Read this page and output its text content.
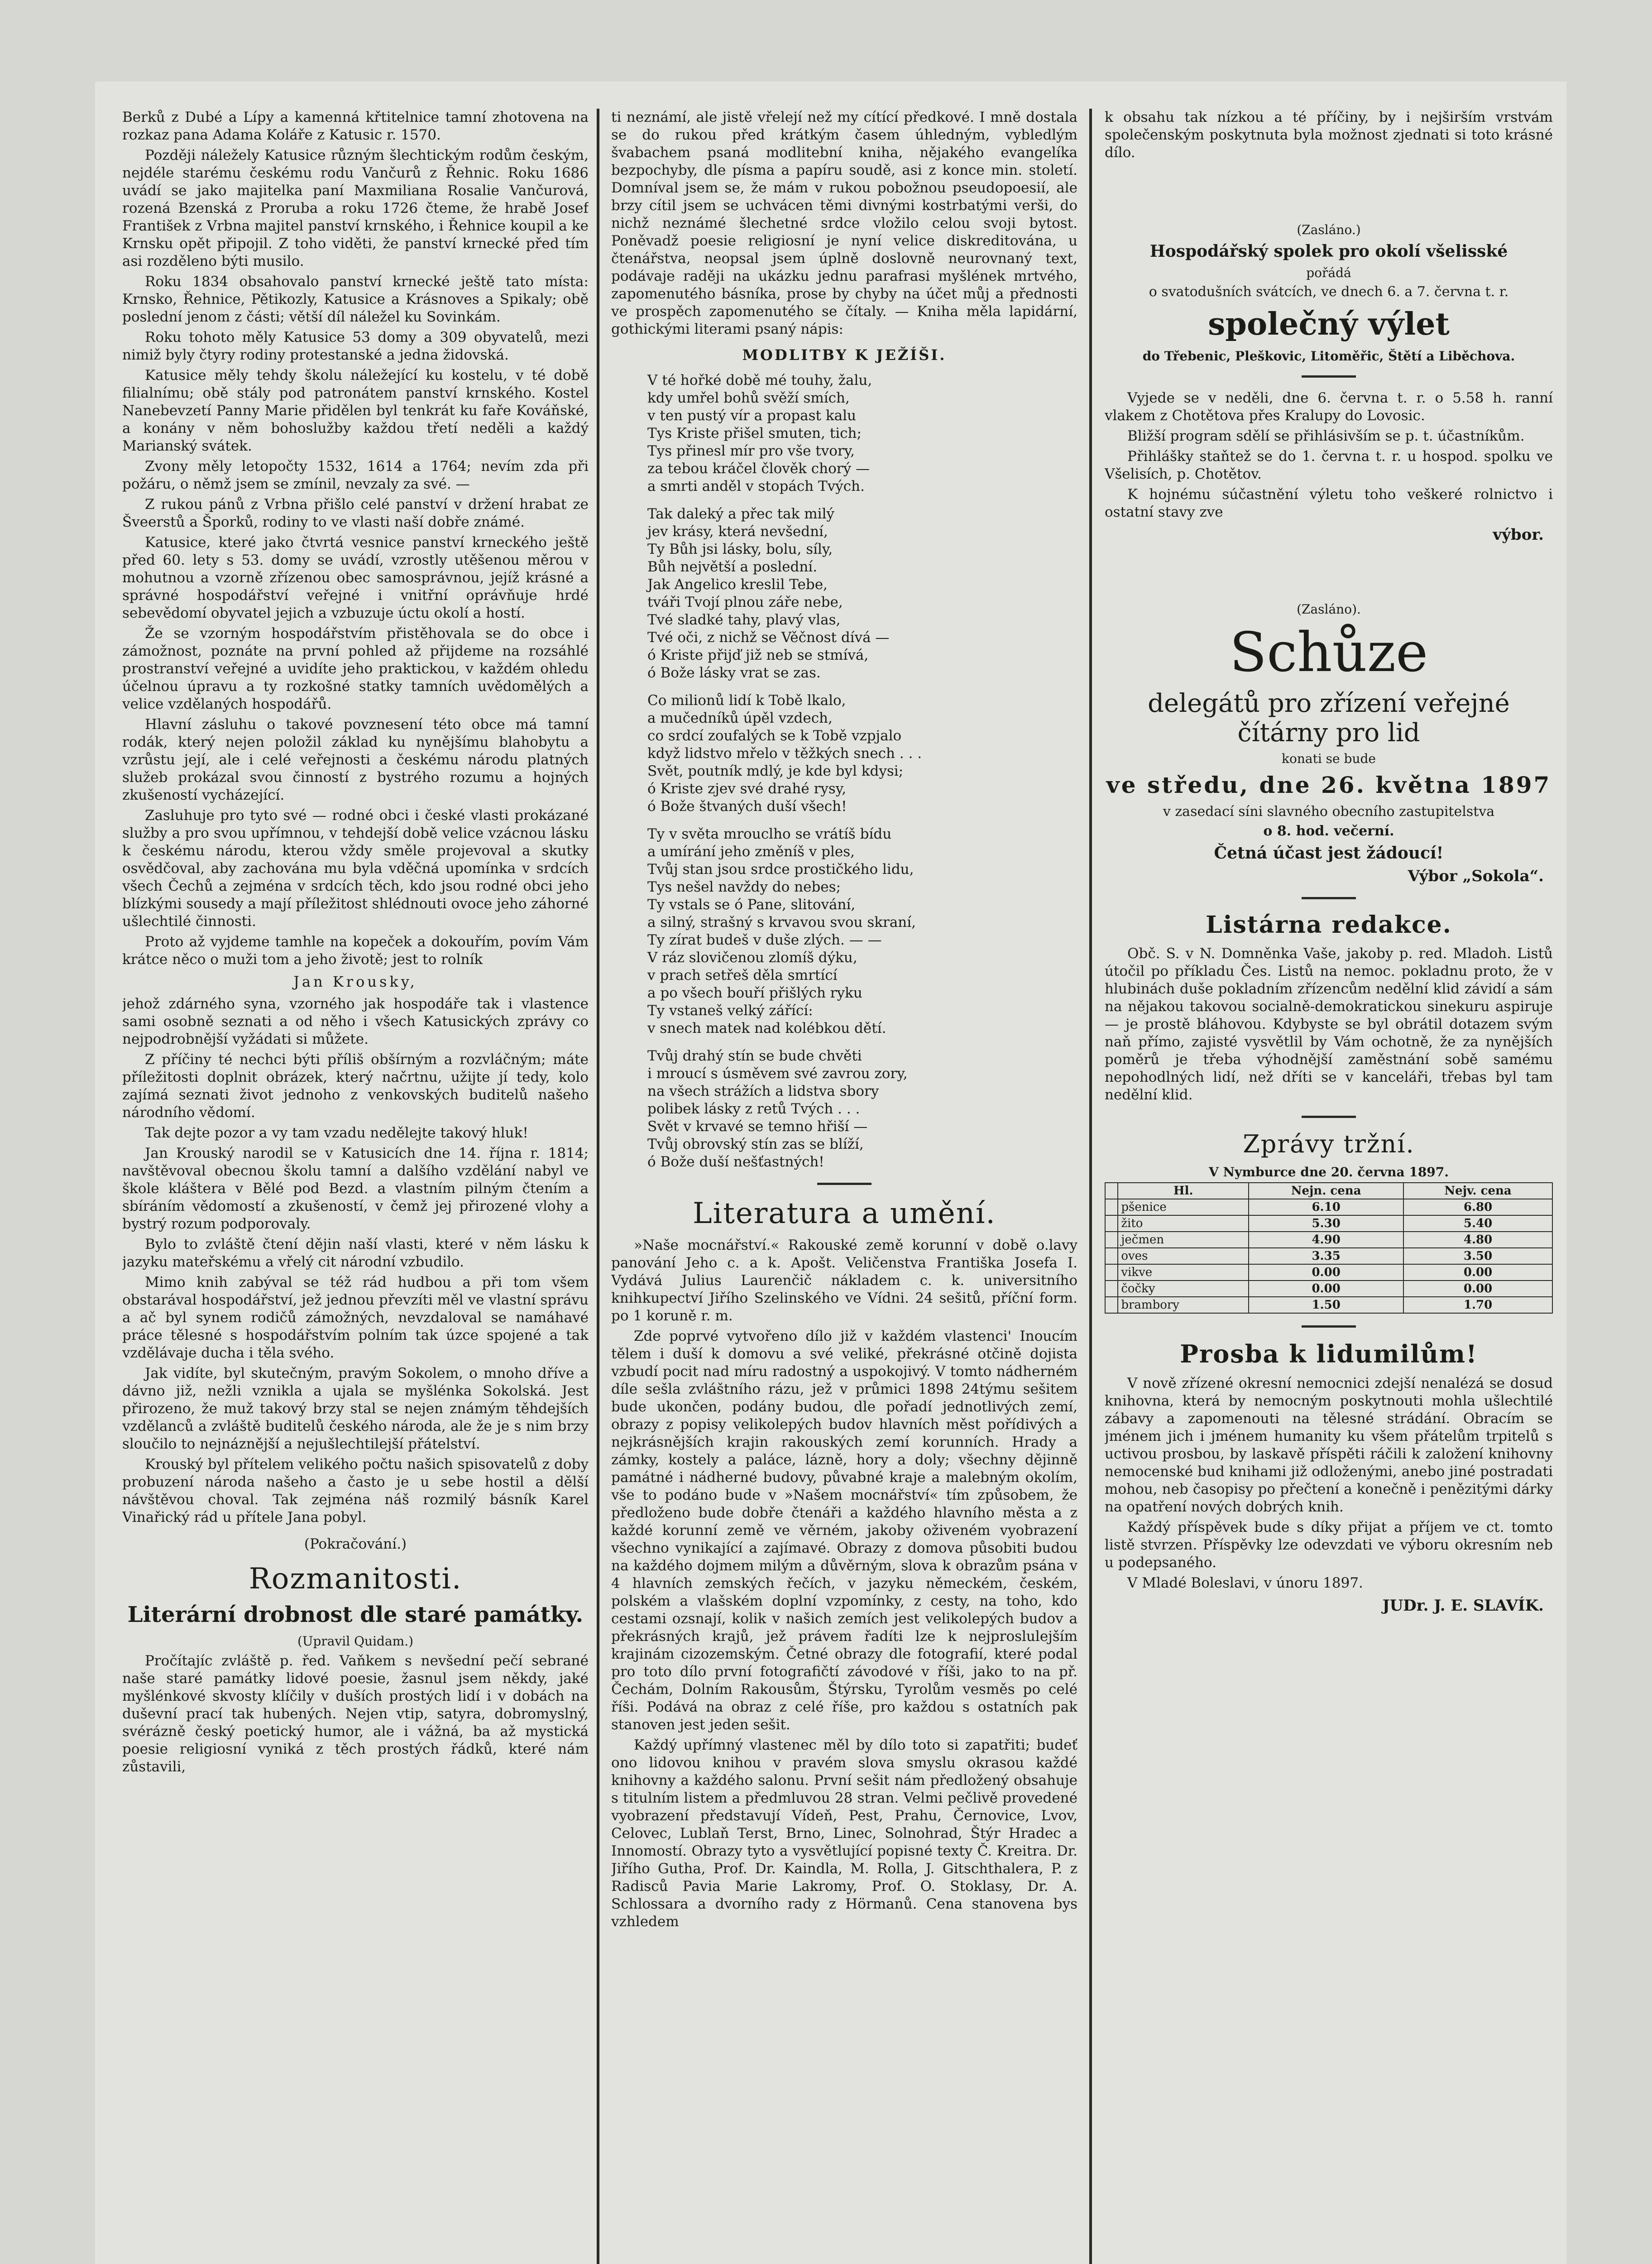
Berků z Dubé a Lípy a kamenná křtitelnice tamní zhotovena na rozkaz pana Adama Koláře z Katusic r. 1570.

Později náležely Katusice různým šlechtickým rodům českým, nejdéle starému českému rodu Vančurů z Řehnic. Roku 1686 uvádí se jako majitelka paní Maxmiliana Rosalie Vančurová, rozená Bzenská z Proruba a roku 1726 čteme, že hrabě Josef František z Vrbna majitel panství krnského, i Řehnice koupil a ke Krnsku opět připojil. Z toho viděti, že panství krnecké před tím asi rozděleno býti musilo.

Roku 1834 obsahovalo panství krnecké ještě tato místa: Krnsko, Řehnice, Pětikozly, Katusice a Krásnoves a Spikaly; obě poslední jenom z části; větší díl náležel ku Sovinkám.

Roku tohoto měly Katusice 53 domy a 309 obyvatelů, mezi nimiž byly čtyry rodiny protestanské a jedna židovská.

Katusice měly tehdy školu náležející ku kostelu, v té době filialnímu; obě stály pod patronátem panství krnského. Kostel Nanebevzetí Panny Marie přidělen byl tenkrát ku faře Kováňské, a konány v něm bohoslužby každou třetí neděli a každý Marianský svátek.

Zvony měly letopočty 1532, 1614 a 1764; nevím zda při požáru, o němž jsem se zmínil, nevzaly za své. —

Z rukou pánů z Vrbna přišlo celé panství v držení hrabat ze Šveerstů a Šporků, rodiny to ve vlasti naší dobře známé.

Katusice, které jako čtvrtá vesnice panství krneckého ještě před 60. lety s 53. domy se uvádí, vzrostly utěšenou měrou v mohutnou a vzorně zřízenou obec samosprávnou, jejíž krásné a správné hospodářství veřejné i vnitřní oprávňuje hrdé sebevědomí obyvatel jejich a vzbuzuje úctu okolí a hostí.

Že se vzorným hospodářstvím přistěhovala se do obce i zámožnost, poznáte na první pohled až přijdeme na rozsáhlé prostranství veřejné a uvidíte jeho praktickou, v každém ohledu účelnou úpravu a ty rozkošné statky tamních uvědomělých a velice vzdělaných hospodářů.

Hlavní zásluhu o takové povznesení této obce má tamní rodák, který nejen položil základ ku nynějšímu blahobytu a vzrůstu její, ale i celé veřejnosti a českému národu platných služeb prokázal svou činností z bystrého rozumu a hojných zkušeností vycházející.

Zasluhuje pro tyto své — rodné obci i české vlasti prokázané služby a pro svou upřímnou, v tehdejší době velice vzácnou lásku k českému národu, kterou vždy směle projevoval a skutky osvědčoval, aby zachována mu byla vděčná upomínka v srdcích všech Čechů a zejména v srdcích těch, kdo jsou rodné obci jeho blízkými sousedy a mají příležitost shlédnouti ovoce jeho záhorné ušlechtilé činnosti.

Proto až vyjdeme tamhle na kopeček a dokouřím, povím Vám krátce něco o muži tom a jeho životě; jest to rolník

Jan Krousky,

jehož zdárného syna, vzorného jak hospodáře tak i vlastence sami osobně seznati a od něho i všech Katusických zprávy co nejpodrobnější vyžádati si můžete.

Z příčiny té nechci býti příliš obšírným a rozvláčným; máte příležitosti doplnit obrázek, který načrtnu, užijte jí tedy, kolo zajímá seznati život jednoho z venkovských buditelů našeho národního vědomí.

Tak dejte pozor a vy tam vzadu nedělejte takový hluk!

Jan Krouský narodil se v Katusicích dne 14. října r. 1814; navštěvoval obecnou školu tamní a dalšího vzdělání nabyl ve škole kláštera v Bělé pod Bezd. a vlastním pilným čtením a sbíráním vědomostí a zkušeností, v čemž jej přirozené vlohy a bystrý rozum podporovaly.

Bylo to zvláště čtení dějin naší vlasti, které v něm lásku k jazyku mateřskému a vřelý cit národní vzbudilo.

Mimo knih zabýval se též rád hudbou a při tom všem obstarával hospodářství, jež jednou převzíti měl ve vlastní správu a ač byl synem rodičů zámožných, nevzdaloval se namáhavé práce tělesné s hospodářstvím polním tak úzce spojené a tak vzdělávaje ducha i těla svého.

Jak vidíte, byl skutečným, pravým Sokolem, o mnoho dříve a dávno již, nežli vznikla a ujala se myšlénka Sokolská. Jest přirozeno, že muž takový brzy stal se nejen známým těhdejších vzdělanců a zvláště buditelů českého národa, ale že je s nim brzy sloučilo to nejnáznější a nejušlechtilejší přátelství.

Krouský byl přítelem velikého počtu našich spisovatelů z doby probuzení národa našeho a často je u sebe hostil a dělší návštěvou choval. Tak zejména náš rozmilý básník Karel Vinařický rád u přítele Jana pobyl.

(Pokračování.)

Rozmanitosti.
Literární drobnost dle staré památky.
(Upravil Quidam.)

Pročítajíc zvláště p. řed. Vaňkem s nevšední pečí sebrané naše staré památky lidové poesie, žasnul jsem někdy, jaké myšlénkové skvosty klíčily v duších prostých lidí i v dobách na duševní prací tak hubených. Nejen vtip, satyra, dobromyslný, svérázně český poetický humor, ale i vážná, ba až mystická poesie religiosní vyniká z těch prostých řádků, které nám zůstavili,

ti neznámí, ale jistě vřelejí než my cítící předkové. I mně dostala se do rukou před krátkým časem úhledným, vybledlým švabachem psaná modlitební kniha, nějakého evangelíka bezpochyby, dle písma a papíru soudě, asi z konce min. století. Domníval jsem se, že mám v rukou pobožnou pseudopoesií, ale brzy cítil jsem se uchvácen těmi divnými kostrbatými verši, do nichž neznámé šlechetné srdce vložilo celou svoji bytost. Poněvadž poesie religiosní je nyní velice diskreditována, u čtenářstva, neopsal jsem úplně doslovně neurovnaný text, podávaje raději na ukázku jednu parafrasi myšlének mrtvého, zapomenutého básníka, prose by chyby na účet můj a přednosti ve prospěch zapomenutého se čítaly. — Kniha měla lapidární, gothickými literami psaný nápis:

MODLITBY K JEŽÍŠI.
V té hořké době mé touhy, žalu,
kdy umřel bohů svěží smích,
v ten pustý vír a propast kalu
Tys Kriste přišel smuten, tich;
Tys přinesl mír pro vše tvory,
za tebou kráčel člověk chorý —
a smrti anděl v stopách Tvých.
Tak daleký a přec tak milý
jev krásy, která nevšední,
Ty Bůh jsi lásky, bolu, síly,
Bůh největší a poslední.
Jak Angelico kreslil Tebe,
tváři Tvojí plnou záře nebe,
Tvé sladké tahy, plavý vlas,
Tvé oči, z nichž se Věčnost dívá —
ó Kriste přijď již neb se stmívá,
ó Bože lásky vrat se zas.
Co milionů lidí k Tobě lkalo,
a mučedníků úpěl vzdech,
co srdcí zoufalých se k Tobě vzpjalo
když lidstvo mřelo v těžkých snech . . .
Svět, poutník mdlý, je kde byl kdysi;
ó Kriste zjev své drahé rysy,
ó Bože štvaných duší všech!
Ty v světa mrouclho se vrátíš bídu
a umírání jeho změníš v ples,
Tvůj stan jsou srdce prostičkého lidu,
Tys nešel navždy do nebes;
Ty vstals se ó Pane, slitování,
a silný, strašný s krvavou svou skraní,
Ty zírat budeš v duše zlých. — —
V ráz slovičenou zlomíš dýku,
v prach setřeš děla smrtící
a po všech bouří přišlých ryku
Ty vstaneš velký zářící:
v snech matek nad kolébkou dětí.
Tvůj drahý stín se bude chvěti
i mroucí s úsměvem své zavrou zory,
na všech strážích a lidstva sbory
polibek lásky z retů Tvých . . .
Svět v krvavé se temno hřiší —
Tvůj obrovský stín zas se blíží,
ó Bože duší nešťastných!
Literatura a umění.

»Naše mocnářství.« Rakouské země korunní v době o.lavy panování Jeho c. a k. Apošt. Veličenstva Františka Josefa I. Vydává Julius Laurenčič nákladem c. k. universitního knihkupectví Jiřího Szelinského ve Vídni. 24 sešitů, příční form. po 1 koruně r. m.

Zde poprvé vytvořeno dílo již v každém vlastenci' Inoucím tělem i duší k domovu a své veliké, překrásné otčině dojista vzbudí pocit nad míru radostný a uspokojivý. V tomto nádherném díle sešla zvláštního rázu, jež v průmici 1898 24týmu sešitem bude ukončen, podány budou, dle pořadí jednotlivých zemí, obrazy z popisy velikolepých budov hlavních měst pořídivých a nejkrásnějších krajin rakouských zemí korunních. Hrady a zámky, kostely a paláce, lázně, hory a doly; všechny dějinně památné i nádherné budovy, půvabné kraje a malebným okolím, vše to podáno bude v »Našem mocnářství« tím způsobem, že předloženo bude dobře čtenáři a každého hlavního města a z každé korunní země ve věrném, jakoby oživeném vyobrazení všechno vynikající a zajímavé. Obrazy z domova působiti budou na každého dojmem milým a důvěrným, slova k obrazům psána v 4 hlavních zemských řečích, v jazyku německém, českém, polském a vlašském doplní vzpomínky, z cesty, na toho, kdo cestami ozsnají, kolik v našich zemích jest velikolepých budov a překrásných krajů, jež právem řadíti lze k nejproslulejším krajinám cizozemským. Četné obrazy dle fotografií, které podal pro toto dílo první fotografičtí závodové v říši, jako to na př. Čechám, Dolním Rakousům, Štýrsku, Tyrolům vesměs po celé říši. Podává na obraz z celé říše, pro každou s ostatních pak stanoven jest jeden sešit.

Každý upřímný vlastenec měl by dílo toto si zapatřiti; budeť ono lidovou knihou v pravém slova smyslu okrasou každé knihovny a každého salonu. První sešit nám předložený obsahuje s titulním listem a předmluvou 28 stran. Velmi pečlivě provedené vyobrazení představují Vídeň, Pest, Prahu, Černovice, Lvov, Celovec, Lublaň Terst, Brno, Linec, Solnohrad, Štýr Hradec a Innomostí. Obrazy tyto a vysvětlující popisné texty Č. Kreitra. Dr. Jiřího Gutha, Prof. Dr. Kaindla, M. Rolla, J. Gitschthalera, P. z Radisců Pavia Marie Lakromy, Prof. O. Stoklasy, Dr. A. Schlossara a dvorního rady z Hörmanů. Cena stanovena bys vzhledem

k obsahu tak nízkou a té příčiny, by i nejširším vrstvám společenským poskytnuta byla možnost zjednati si toto krásné dílo.

(Zasláno.)
Hospodářský spolek pro okolí všelisské
pořádá
o svatodušních svátcích, ve dnech 6. a 7. června t. r.
společný výlet
do Třebenic, Pleškovic, Litoměřic, Štětí a Liběchova.

Vyjede se v neděli, dne 6. června t. r. o 5.58 h. ranní vlakem z Chotětova přes Kralupy do Lovosic.

Bližší program sdělí se přihlásivším se p. t. účastníkům.

Přihlášky staňtež se do 1. června t. r. u hospod. spolku ve Všelisích, p. Chotětov.

K hojnému súčastnění výletu toho veškeré rolnictvo i ostatní stavy zve

výbor.
(Zasláno).
Schůze
delegátů pro zřízení veřejné čítárny pro lid
konati se bude
ve středu, dne 26. května 1897
v zasedací síni slavného obecního zastupitelstva
o 8. hod. večerní.
Četná účast jest žádoucí!
Výbor „Sokola“.
Listárna redakce.

Obč. S. v N. Domněnka Vaše, jakoby p. red. Mladoh. Listů útočil po příkladu Čes. Listů na nemoc. pokladnu proto, že v hlubinách duše pokladním zřízencům nedělní klid závidí a sám na nějakou takovou socialně-demokratickou sinekuru aspiruje — je prostě bláhovou. Kdybyste se byl obrátil dotazem svým naň přímo, zajisté vysvětlil by Vám ochotně, že za nynějších poměrů je třeba výhodnější zaměstnání sobě samému nepohodlných lidí, než dříti se v kanceláři, třebas byl tam nedělní klid.

Zprávy tržní.
V Nymburce dne 20. června 1897.
	Hl.	Nejn. cena	Nejv. cena
	pšenice	6.10	6.80
	žito	5.30	5.40
	ječmen	4.90	4.80
	oves	3.35	3.50
	vikve	0.00	0.00
	čočky	0.00	0.00
	brambory	1.50	1.70
Prosba k lidumilům!

V nově zřízené okresní nemocnici zdejší nenalézá se dosud knihovna, která by nemocným poskytnouti mohla ušlechtilé zábavy a zapomenouti na tělesné strádání. Obracím se jménem jich i jménem humanity ku všem přátelům trpitelů s uctivou prosbou, by laskavě příspěti ráčili k založení knihovny nemocenské bud knihami již odloženými, anebo jiné postradati mohou, neb časopisy po přečtení a konečně i penězitými dárky na opatření nových dobrých knih.

Každý příspěvek bude s díky přijat a příjem ve ct. tomto listě stvrzen. Příspěvky lze odevzdati ve výboru okresním neb u podepsaného.

V Mladé Boleslavi, v únoru 1897.

JUDr. J. E. SLAVÍK.
